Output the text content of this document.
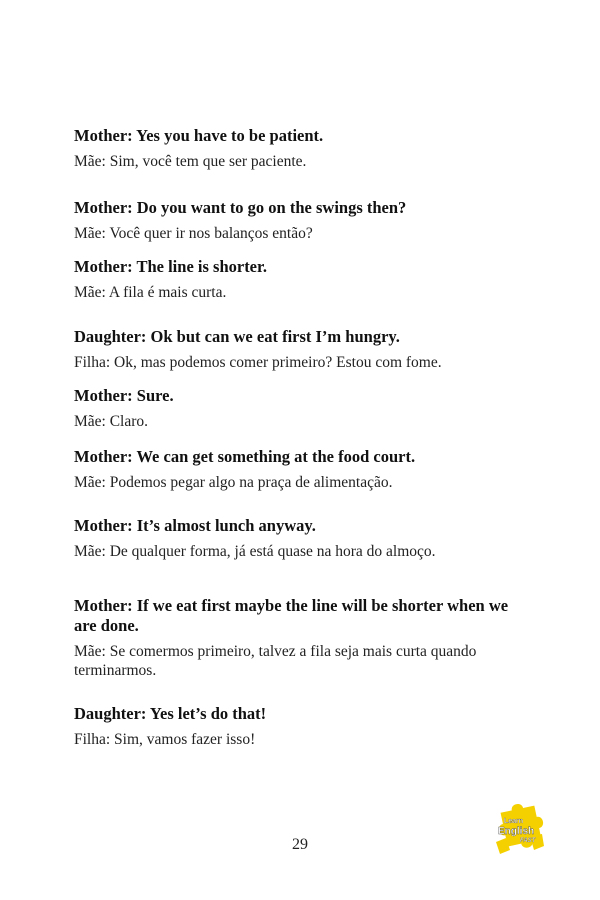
Mother: Yes you have to be patient.

Mãe: Sim, você tem que ser paciente.

Mother: Do you want to go on the swings then?

Mãe: Você quer ir nos balanços então?

Mother: The line is shorter.

Mãe: A fila é mais curta.

Daughter: Ok but can we eat first I’m hungry.

Filha: Ok, mas podemos comer primeiro? Estou com fome.

Mother: Sure.

Mãe: Claro.

Mother: We can get something at the food court.

Mãe: Podemos pegar algo na praça de alimentação.

Mother: It’s almost lunch anyway.

Mãe: De qualquer forma, já está quase na hora do almoço.

Mother: If we eat first maybe the line will be shorter when we are done.

Mãe: Se comermos primeiro, talvez a fila seja mais curta quando terminarmos.

Daughter: Yes let’s do that!

Filha: Sim, vamos fazer isso!

29
Learn
English
FAST
